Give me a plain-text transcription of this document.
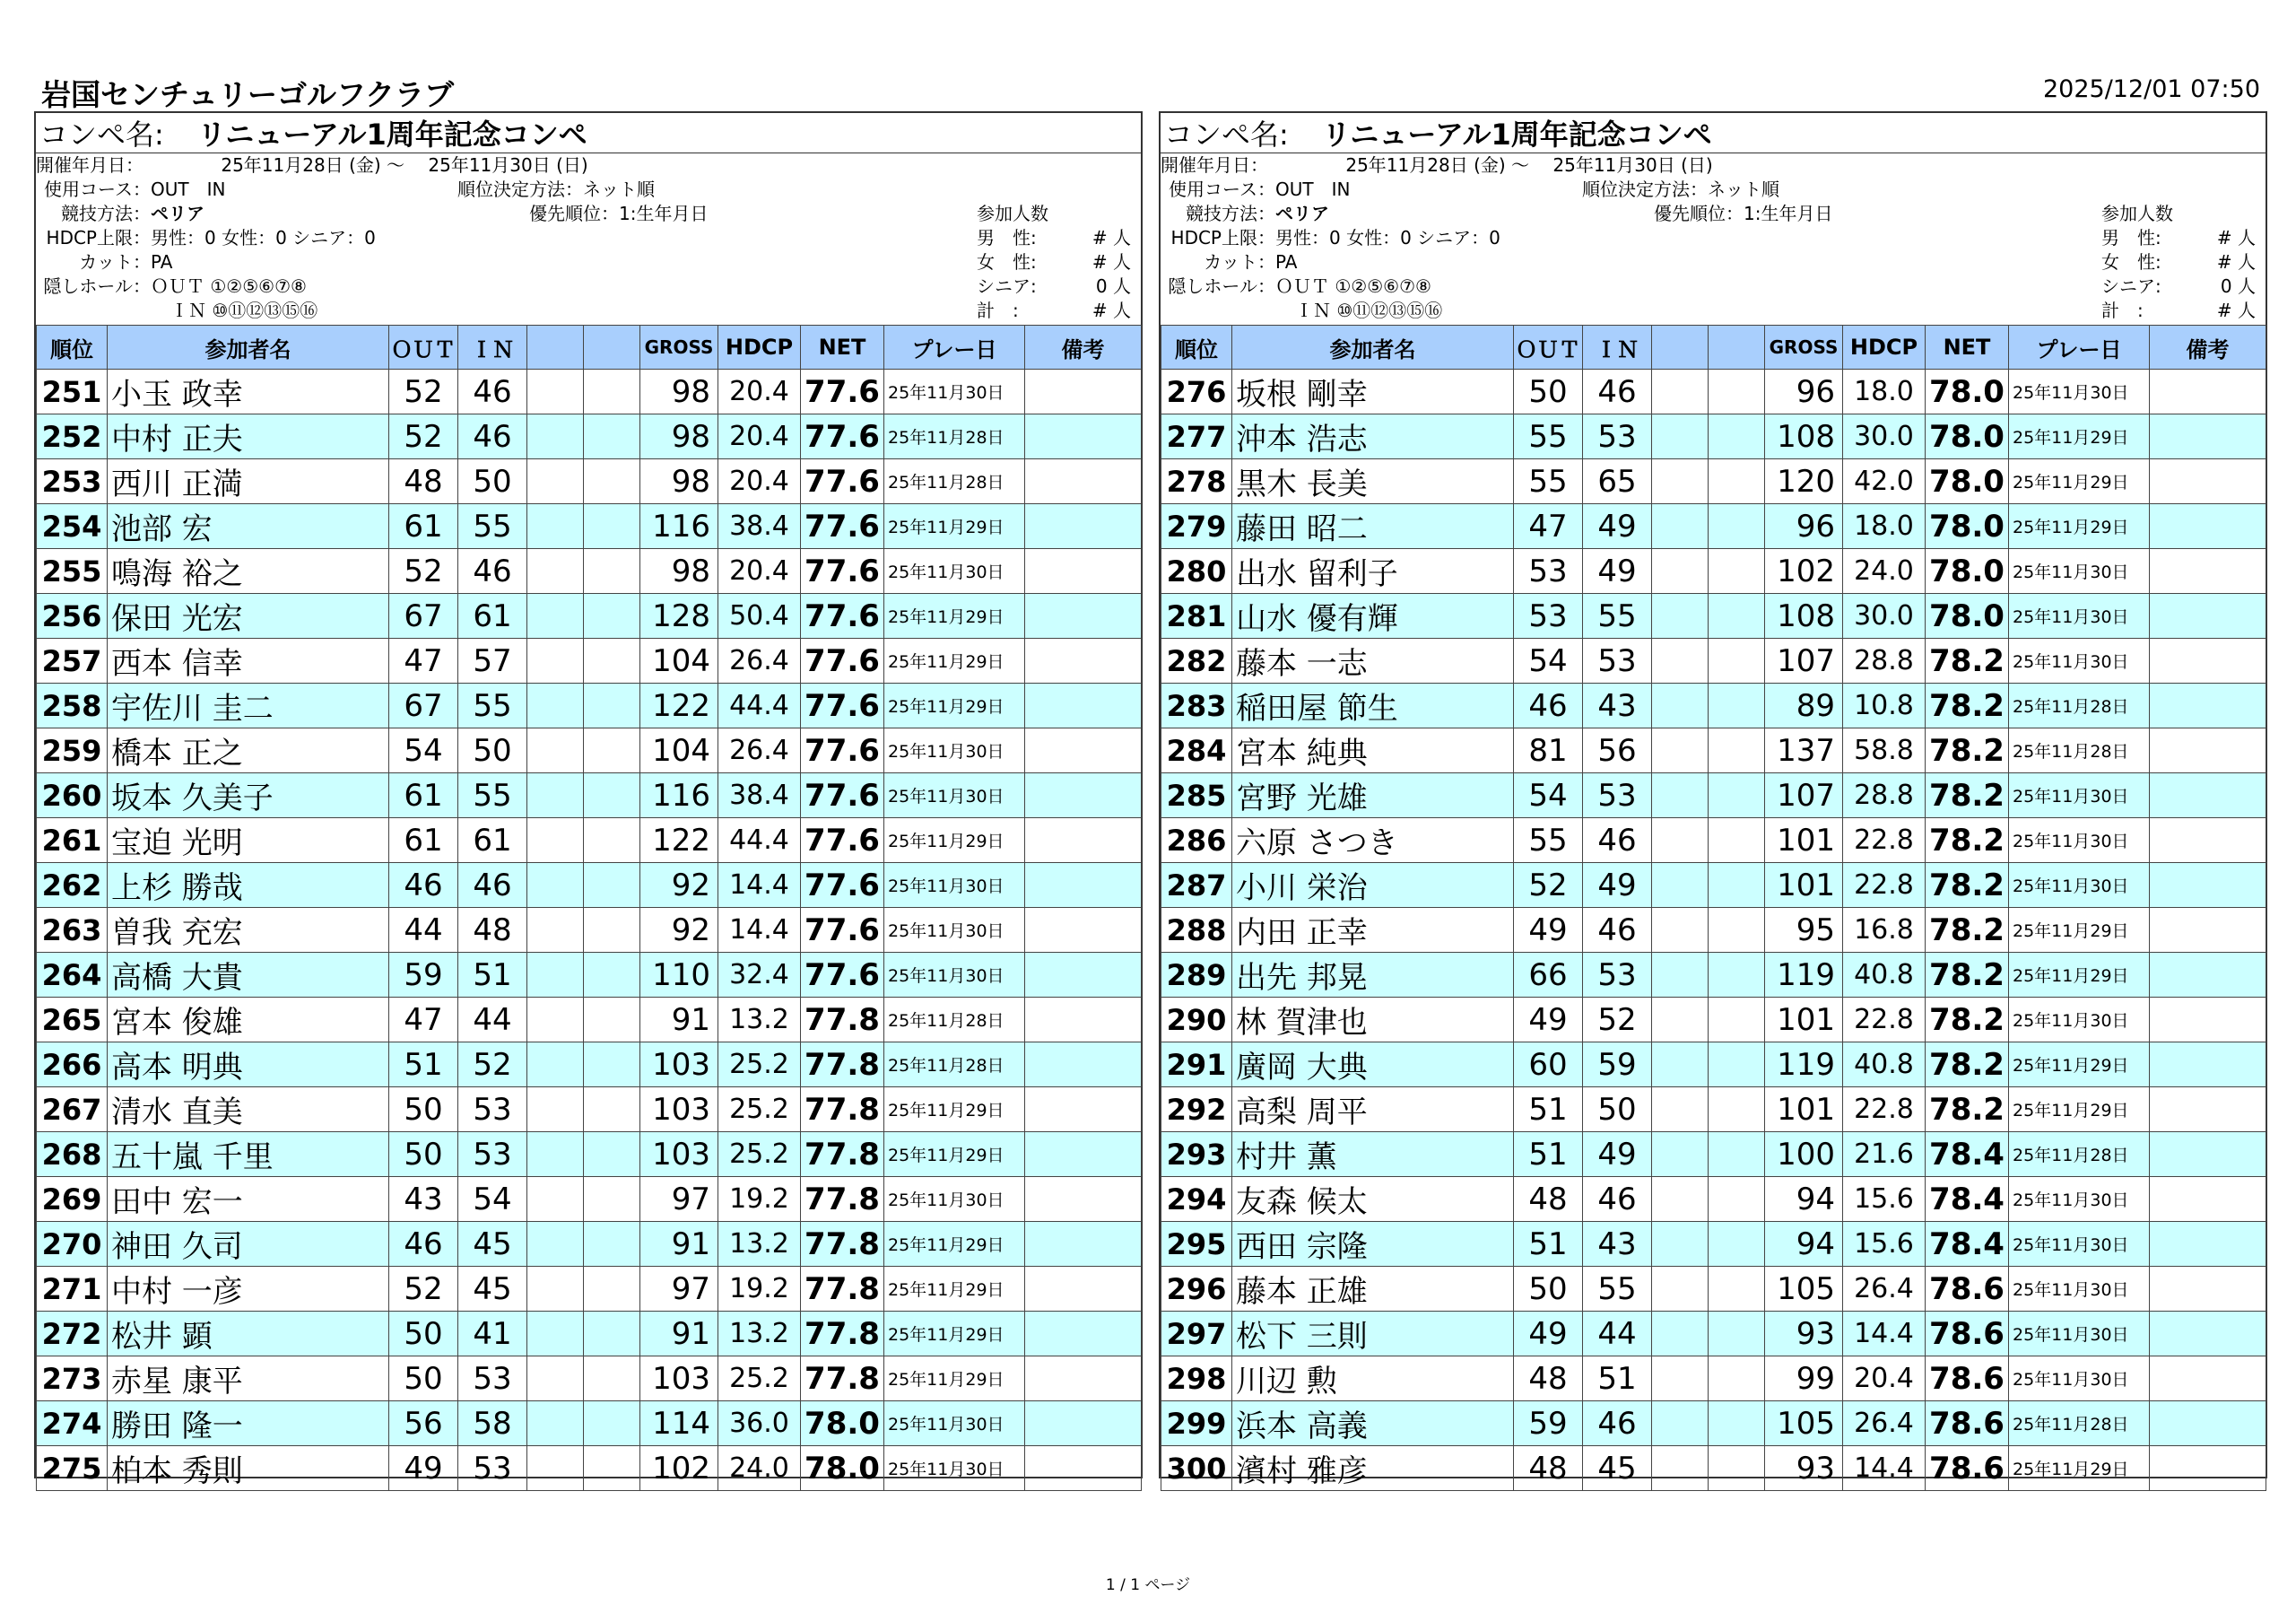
岩国センチュリーゴルフクラブ	2025/12/01 07:50
コンペ名:	リニューアル1周年記念コンペ
開催年月日：	25年11月28日 (金) ～　 25年11月30日 (日)
使用コース：OUT　IN	順位決定方法：ネット順
競技方法：ペリア	優先順位：1:生年月日	参加人数
HDCP上限：男性：0 女性：0 シニア：0	男　性:	# 人
カット：PA	女　性:	# 人
隠しホール：ＯＵＴ ①②⑤⑥⑦⑧	シニア:	0 人
ＩＮ ⑩⑪⑫⑬⑮⑯	計　:	# 人
順位	参加者名	ＯＵＴ	ＩＮ			GROSS	HDCP	NET	プレー日	備考
251	小玉 政幸	52	46			98	20.4	77.6	25年11月30日	
252	中村 正夫	52	46			98	20.4	77.6	25年11月28日	
253	西川 正満	48	50			98	20.4	77.6	25年11月28日	
254	池部 宏	61	55			116	38.4	77.6	25年11月29日	
255	鳴海 裕之	52	46			98	20.4	77.6	25年11月30日	
256	保田 光宏	67	61			128	50.4	77.6	25年11月29日	
257	西本 信幸	47	57			104	26.4	77.6	25年11月29日	
258	宇佐川 圭二	67	55			122	44.4	77.6	25年11月29日	
259	橋本 正之	54	50			104	26.4	77.6	25年11月30日	
260	坂本 久美子	61	55			116	38.4	77.6	25年11月30日	
261	宝迫 光明	61	61			122	44.4	77.6	25年11月29日	
262	上杉 勝哉	46	46			92	14.4	77.6	25年11月30日	
263	曽我 充宏	44	48			92	14.4	77.6	25年11月30日	
264	高橋 大貴	59	51			110	32.4	77.6	25年11月30日	
265	宮本 俊雄	47	44			91	13.2	77.8	25年11月28日	
266	高本 明典	51	52			103	25.2	77.8	25年11月28日	
267	清水 直美	50	53			103	25.2	77.8	25年11月29日	
268	五十嵐 千里	50	53			103	25.2	77.8	25年11月29日	
269	田中 宏一	43	54			97	19.2	77.8	25年11月30日	
270	神田 久司	46	45			91	13.2	77.8	25年11月29日	
271	中村 一彦	52	45			97	19.2	77.8	25年11月29日	
272	松井 顕	50	41			91	13.2	77.8	25年11月29日	
273	赤星 康平	50	53			103	25.2	77.8	25年11月29日	
274	勝田 隆一	56	58			114	36.0	78.0	25年11月30日	
275	柏本 秀則	49	53			102	24.0	78.0	25年11月30日	
コンペ名:	リニューアル1周年記念コンペ
開催年月日：	25年11月28日 (金) ～　 25年11月30日 (日)
使用コース：OUT　IN	順位決定方法：ネット順
競技方法：ペリア	優先順位：1:生年月日	参加人数
HDCP上限：男性：0 女性：0 シニア：0	男　性:	# 人
カット：PA	女　性:	# 人
隠しホール：ＯＵＴ ①②⑤⑥⑦⑧	シニア:	0 人
ＩＮ ⑩⑪⑫⑬⑮⑯	計　:	# 人
順位	参加者名	ＯＵＴ	ＩＮ			GROSS	HDCP	NET	プレー日	備考
276	坂根 剛幸	50	46			96	18.0	78.0	25年11月30日	
277	沖本 浩志	55	53			108	30.0	78.0	25年11月29日	
278	黒木 長美	55	65			120	42.0	78.0	25年11月29日	
279	藤田 昭二	47	49			96	18.0	78.0	25年11月29日	
280	出水 留利子	53	49			102	24.0	78.0	25年11月30日	
281	山水 優有輝	53	55			108	30.0	78.0	25年11月30日	
282	藤本 一志	54	53			107	28.8	78.2	25年11月30日	
283	稲田屋 節生	46	43			89	10.8	78.2	25年11月28日	
284	宮本 純典	81	56			137	58.8	78.2	25年11月28日	
285	宮野 光雄	54	53			107	28.8	78.2	25年11月30日	
286	六原 さつき	55	46			101	22.8	78.2	25年11月30日	
287	小川 栄治	52	49			101	22.8	78.2	25年11月30日	
288	内田 正幸	49	46			95	16.8	78.2	25年11月29日	
289	出先 邦晃	66	53			119	40.8	78.2	25年11月29日	
290	林 賀津也	49	52			101	22.8	78.2	25年11月30日	
291	廣岡 大典	60	59			119	40.8	78.2	25年11月29日	
292	高梨 周平	51	50			101	22.8	78.2	25年11月29日	
293	村井 薫	51	49			100	21.6	78.4	25年11月28日	
294	友森 候太	48	46			94	15.6	78.4	25年11月30日	
295	西田 宗隆	51	43			94	15.6	78.4	25年11月30日	
296	藤本 正雄	50	55			105	26.4	78.6	25年11月30日	
297	松下 三則	49	44			93	14.4	78.6	25年11月30日	
298	川辺 勲	48	51			99	20.4	78.6	25年11月30日	
299	浜本 高義	59	46			105	26.4	78.6	25年11月28日	
300	濱村 雅彦	48	45			93	14.4	78.6	25年11月29日	
1 / 1 ページ
